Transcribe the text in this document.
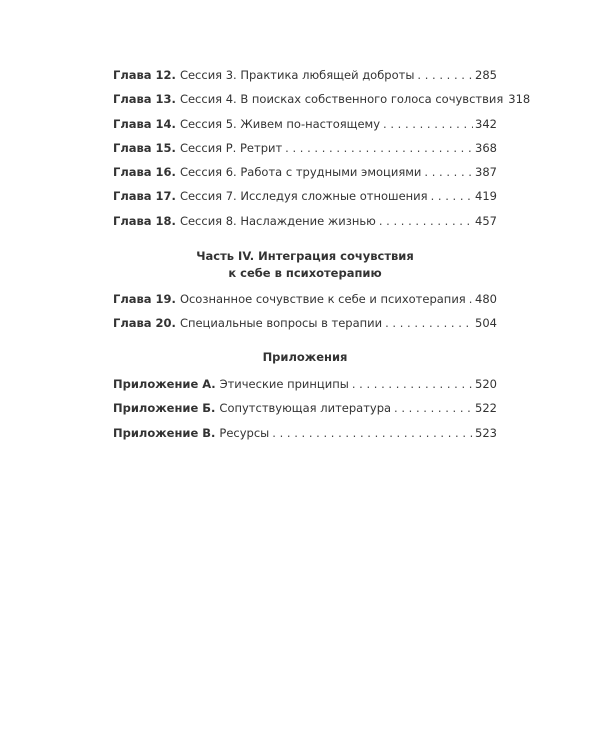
Глава 12. Сессия 3. Практика любящей доброты . . .	285
Глава 13. Сессия 4. В поисках собственного голоса сочувствия 318
Глава 14. Сессия 5. Живем по-настоящему . . .	342
Глава 15. Сессия Р. Ретрит . . .	368
Глава 16. Сессия 6. Работа с трудными эмоциями . . .	387
Глава 17. Сессия 7. Исследуя сложные отношения . . .	419
Глава 18. Сессия 8. Наслаждение жизнью . . .	457
Часть IV. Интеграция сочувствия
к себе в психотерапию
Глава 19. Осознанное сочувствие к себе и психотерапия . . . 480
Глава 20. Специальные вопросы в терапии . . .	504
Приложения
Приложение А. Этические принципы . . .	520
Приложение Б. Сопутствующая литература . . .	522
Приложение В. Ресурсы . . .	523
